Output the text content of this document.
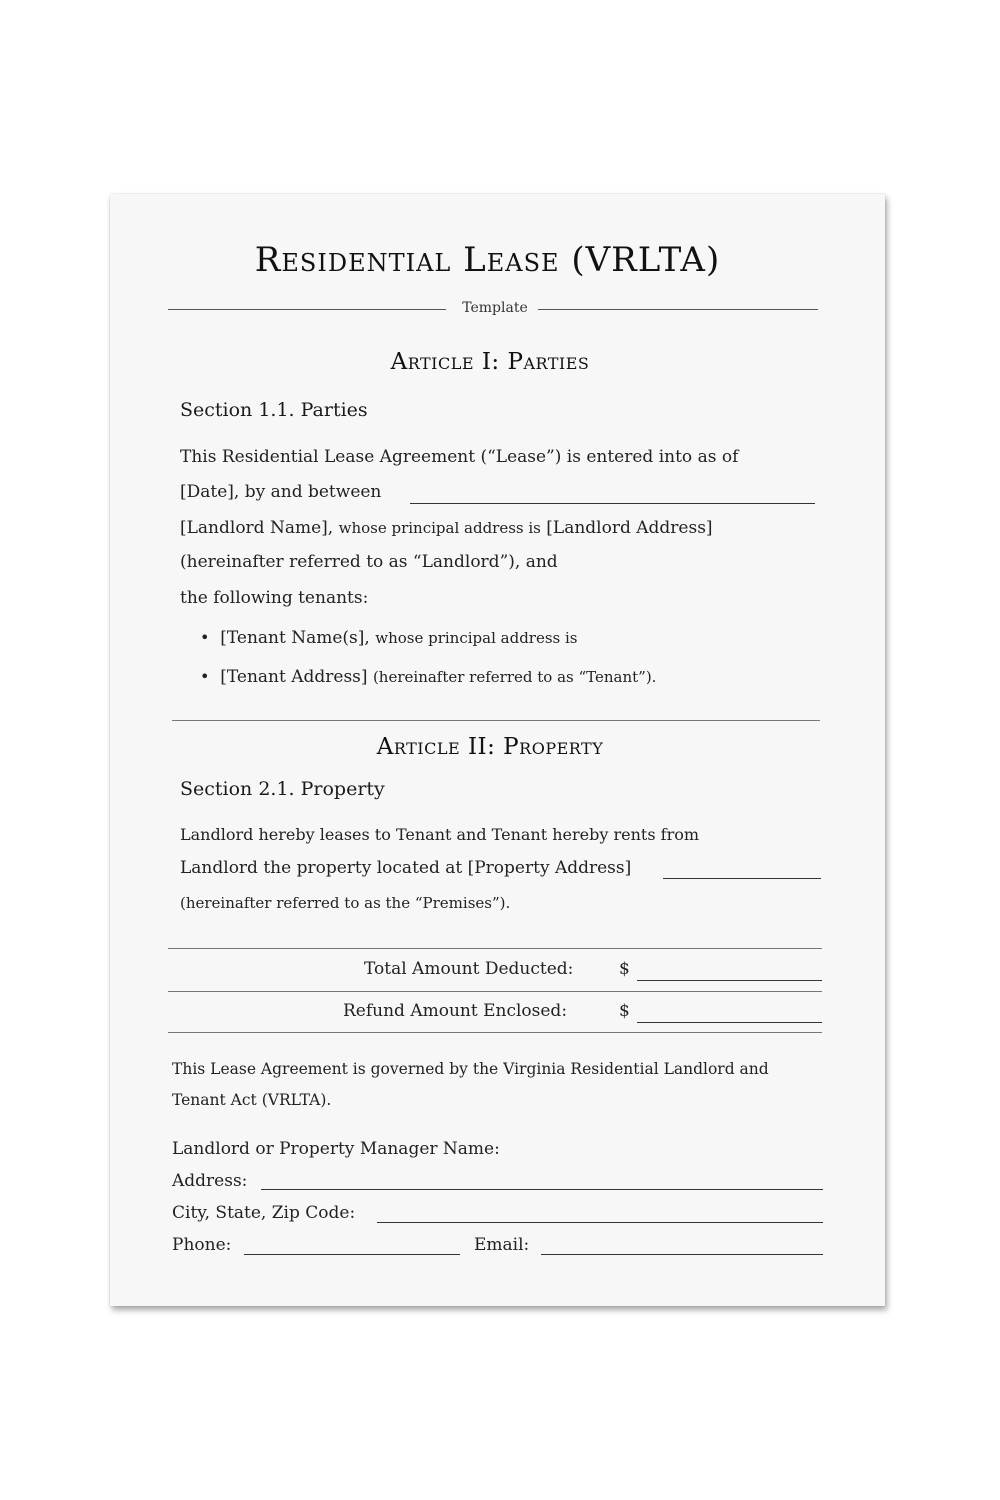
Residential Lease (VRLTA)
Template
Article I: Parties
Section 1.1. Parties
This Residential Lease Agreement (“Lease”) is entered into as of
[Date], by and between
[Landlord Name], whose principal address is [Landlord Address]
(hereinafter referred to as “Landlord”), and
the following tenants:
• [Tenant Name(s], whose principal address is
• [Tenant Address] (hereinafter referred to as “Tenant”).
Article II: Property
Section 2.1. Property
Landlord hereby leases to Tenant and Tenant hereby rents from
Landlord the property located at [Property Address]
(hereinafter referred to as the “Premises”).
Total Amount Deducted:	$
Refund Amount Enclosed:	$
This Lease Agreement is governed by the Virginia Residential Landlord and
Tenant Act (VRLTA).
Landlord or Property Manager Name:
Address:
City, State, Zip Code:
Phone:	Email:
